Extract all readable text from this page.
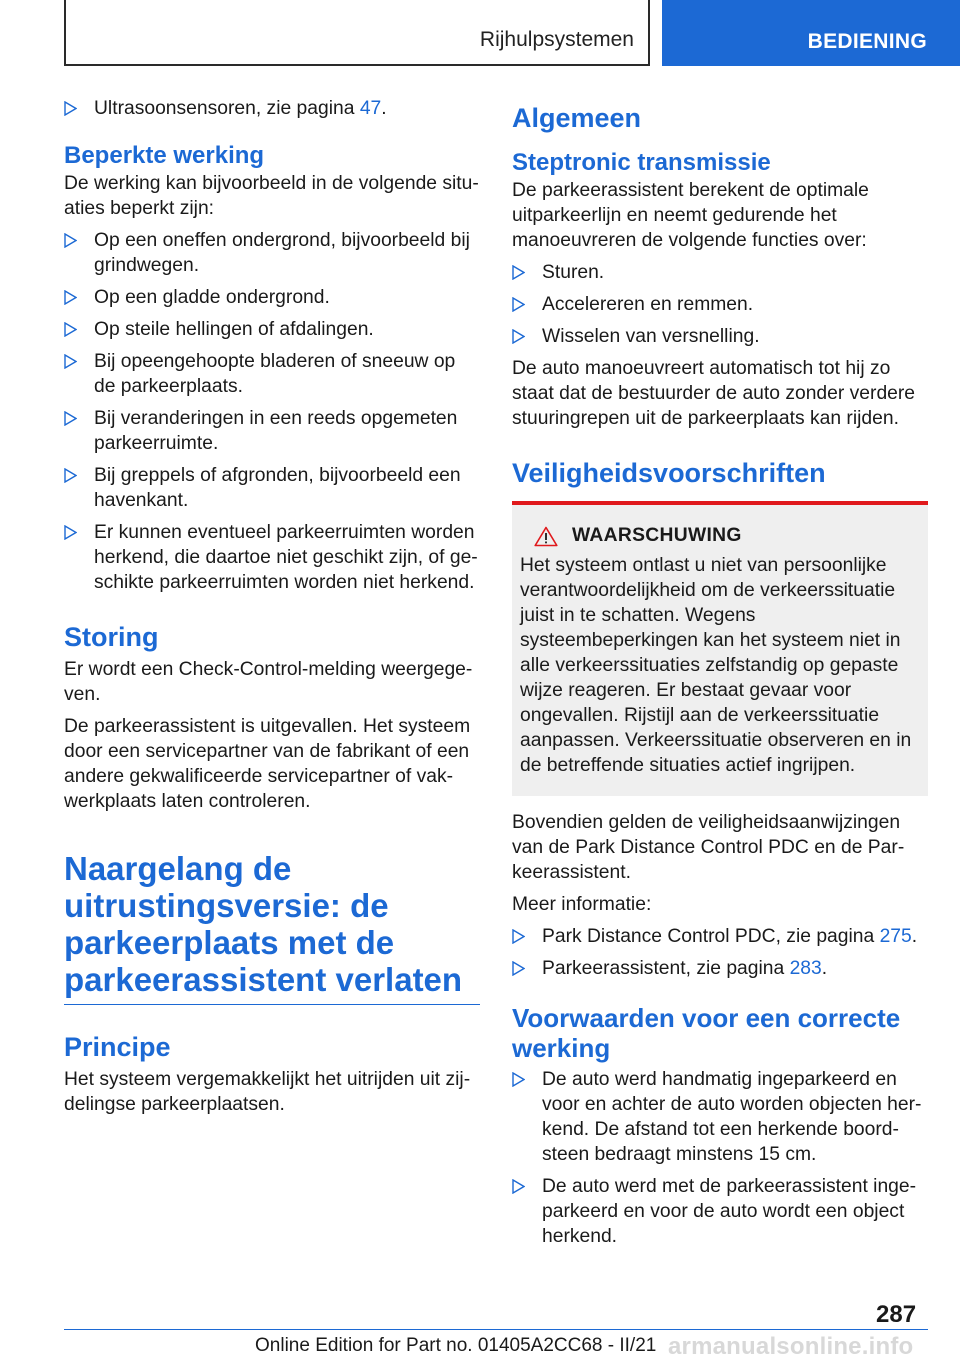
Rijhulpsystemen	BEDIENING
Ultrasoonsensoren, zie pagina 47.
Beperkte werking

De werking kan bijvoorbeeld in de volgende situaties beperkt zijn:

Op een oneffen ondergrond, bijvoorbeeld bij grindwegen.
Op een gladde ondergrond.
Op steile hellingen of afdalingen.
Bij opeengehoopte bladeren of sneeuw op de parkeerplaats.
Bij veranderingen in een reeds opgemeten parkeerruimte.
Bij greppels of afgronden, bijvoorbeeld een havenkant.
Er kunnen eventueel parkeerruimten worden herkend, die daartoe niet geschikt zijn, of geschikte parkeerruimten worden niet herkend.
Storing

Er wordt een Check-Control-melding weergegeven.

De parkeerassistent is uitgevallen. Het systeem door een servicepartner van de fabrikant of een andere gekwalificeerde servicepartner of vakwerkplaats laten controleren.

Naargelang de uitrustingsversie: de parkeerplaats met de parkeerassistent verlaten
Principe

Het systeem vergemakkelijkt het uitrijden uit zijdelingse parkeerplaatsen.

Algemeen
Steptronic transmissie

De parkeerassistent berekent de optimale uitparkeerlijn en neemt gedurende het manoeuvreren de volgende functies over:

Sturen.
Accelereren en remmen.
Wisselen van versnelling.

De auto manoeuvreert automatisch tot hij zo staat dat de bestuurder de auto zonder verdere stuuringrepen uit de parkeerplaats kan rijden.

Veiligheidsvoorschriften
WAARSCHUWING

Het systeem ontlast u niet van persoonlijke verantwoordelijkheid om de verkeerssituatie juist in te schatten. Wegens systeembeperkingen kan het systeem niet in alle verkeerssituaties zelfstandig op gepaste wijze reageren. Er bestaat gevaar voor ongevallen. Rijstijl aan de verkeerssituatie aanpassen. Verkeerssituatie observeren en in de betreffende situaties actief ingrijpen.

Bovendien gelden de veiligheidsaanwijzingen van de Park Distance Control PDC en de Parkeerassistent.

Meer informatie:

Park Distance Control PDC, zie pagina 275.
Parkeerassistent, zie pagina 283.
Voorwaarden voor een correcte werking
De auto werd handmatig ingeparkeerd en voor en achter de auto worden objecten herkend. De afstand tot een herkende boordsteen bedraagt minstens 15 cm.
De auto werd met de parkeerassistent ingeparkeerd en voor de auto wordt een object herkend.
287
Online Edition for Part no. 01405A2CC68 - II/21 armanualsonline.info
